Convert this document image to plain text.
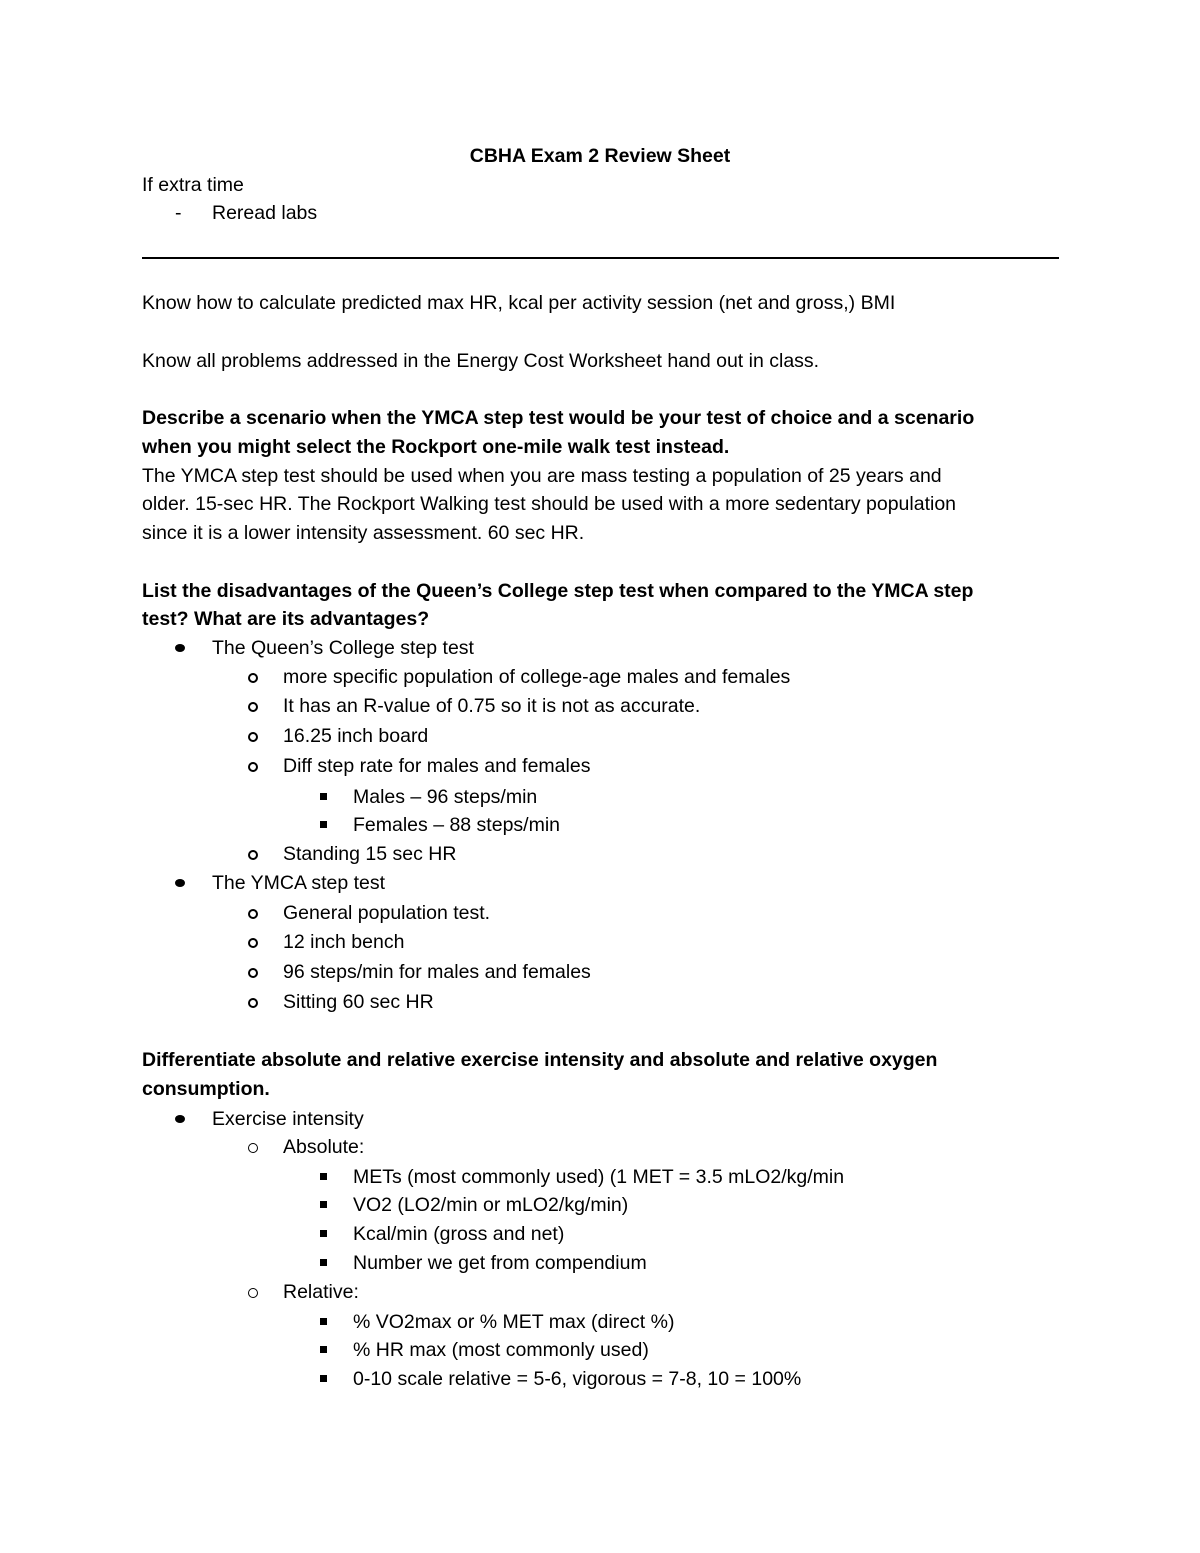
CBHA Exam 2 Review Sheet
If extra time
- Reread labs
Know how to calculate predicted max HR, kcal per activity session (net and gross,) BMI
Know all problems addressed in the Energy Cost Worksheet hand out in class.
Describe a scenario when the YMCA step test would be your test of choice and a scenario
when you might select the Rockport one-mile walk test instead.
The YMCA step test should be used when you are mass testing a population of 25 years and
older. 15-sec HR. The Rockport Walking test should be used with a more sedentary population
since it is a lower intensity assessment. 60 sec HR.
List the disadvantages of the Queen’s College step test when compared to the YMCA step
test? What are its advantages?
The Queen’s College step test
more specific population of college-age males and females
It has an R-value of 0.75 so it is not as accurate.
16.25 inch board
Diff step rate for males and females
Males – 96 steps/min
Females – 88 steps/min
Standing 15 sec HR
The YMCA step test
General population test.
12 inch bench
96 steps/min for males and females
Sitting 60 sec HR
Differentiate absolute and relative exercise intensity and absolute and relative oxygen
consumption.
Exercise intensity
Absolute:
METs (most commonly used) (1 MET = 3.5 mLO2/kg/min
VO2 (LO2/min or mLO2/kg/min)
Kcal/min (gross and net)
Number we get from compendium
Relative:
% VO2max or % MET max (direct %)
% HR max (most commonly used)
0-10 scale relative = 5-6, vigorous = 7-8, 10 = 100%
